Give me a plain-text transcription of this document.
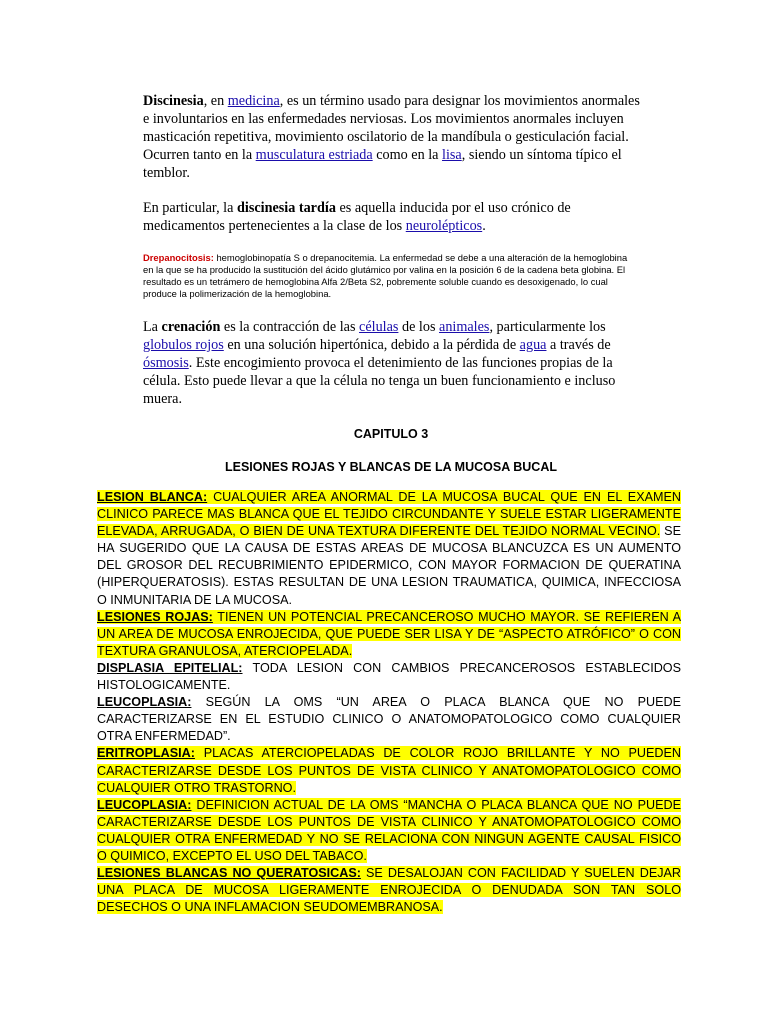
Discinesia, en medicina, es un término usado para designar los movimientos anormales e involuntarios en las enfermedades nerviosas. Los movimientos anormales incluyen masticación repetitiva, movimiento oscilatorio de la mandíbula o gesticulación facial. Ocurren tanto en la musculatura estriada como en la lisa, siendo un síntoma típico el temblor.
En particular, la discinesia tardía es aquella inducida por el uso crónico de medicamentos pertenecientes a la clase de los neurolépticos.
Drepanocitosis: hemoglobinopatía S o drepanocitemia. La enfermedad se debe a una alteración de la hemoglobina en la que se ha producido la sustitución del ácido glutámico por valina en la posición 6 de la cadena beta globina. El resultado es un tetrámero de hemoglobina Alfa 2/Beta S2, pobremente soluble cuando es desoxigenado, lo cual produce la polimerización de la hemoglobina.
La crenación es la contracción de las células de los animales, particularmente los globulos rojos en una solución hipertónica, debido a la pérdida de agua a través de ósmosis. Este encogimiento provoca el detenimiento de las funciones propias de la célula. Esto puede llevar a que la célula no tenga un buen funcionamiento e incluso muera.
CAPITULO 3
LESIONES ROJAS Y BLANCAS DE LA MUCOSA BUCAL

LESION BLANCA: CUALQUIER AREA ANORMAL DE LA MUCOSA BUCAL QUE EN EL EXAMEN CLINICO PARECE MAS BLANCA QUE EL TEJIDO CIRCUNDANTE Y SUELE ESTAR LIGERAMENTE ELEVADA, ARRUGADA, O BIEN DE UNA TEXTURA DIFERENTE DEL TEJIDO NORMAL VECINO. SE HA SUGERIDO QUE LA CAUSA DE ESTAS AREAS DE MUCOSA BLANCUZCA ES UN AUMENTO DEL GROSOR DEL RECUBRIMIENTO EPIDERMICO, CON MAYOR FORMACION DE QUERATINA (HIPERQUERATOSIS). ESTAS RESULTAN DE UNA LESION TRAUMATICA, QUIMICA, INFECCIOSA O INMUNITARIA DE LA MUCOSA.

LESIONES ROJAS: TIENEN UN POTENCIAL PRECANCEROSO MUCHO MAYOR. SE REFIEREN A UN AREA DE MUCOSA ENROJECIDA, QUE PUEDE SER LISA Y DE “ASPECTO ATRÓFICO” O CON TEXTURA GRANULOSA, ATERCIOPELADA.

DISPLASIA EPITELIAL: TODA LESION CON CAMBIOS PRECANCEROSOS ESTABLECIDOS HISTOLOGICAMENTE.

LEUCOPLASIA: SEGÚN LA OMS “UN AREA O PLACA BLANCA QUE NO PUEDE CARACTERIZARSE EN EL ESTUDIO CLINICO O ANATOMOPATOLOGICO COMO CUALQUIER OTRA ENFERMEDAD”.

ERITROPLASIA: PLACAS ATERCIOPELADAS DE COLOR ROJO BRILLANTE Y NO PUEDEN CARACTERIZARSE DESDE LOS PUNTOS DE VISTA CLINICO Y ANATOMOPATOLOGICO COMO CUALQUIER OTRO TRASTORNO.

LEUCOPLASIA: DEFINICION ACTUAL DE LA OMS “MANCHA O PLACA BLANCA QUE NO PUEDE CARACTERIZARSE DESDE LOS PUNTOS DE VISTA CLINICO Y ANATOMOPATOLOGICO COMO CUALQUIER OTRA ENFERMEDAD Y NO SE RELACIONA CON NINGUN AGENTE CAUSAL FISICO O QUIMICO, EXCEPTO EL USO DEL TABACO.

LESIONES BLANCAS NO QUERATOSICAS: SE DESALOJAN CON FACILIDAD Y SUELEN DEJAR UNA PLACA DE MUCOSA LIGERAMENTE ENROJECIDA O DENUDADA SON TAN SOLO DESECHOS O UNA INFLAMACION SEUDOMEMBRANOSA.
